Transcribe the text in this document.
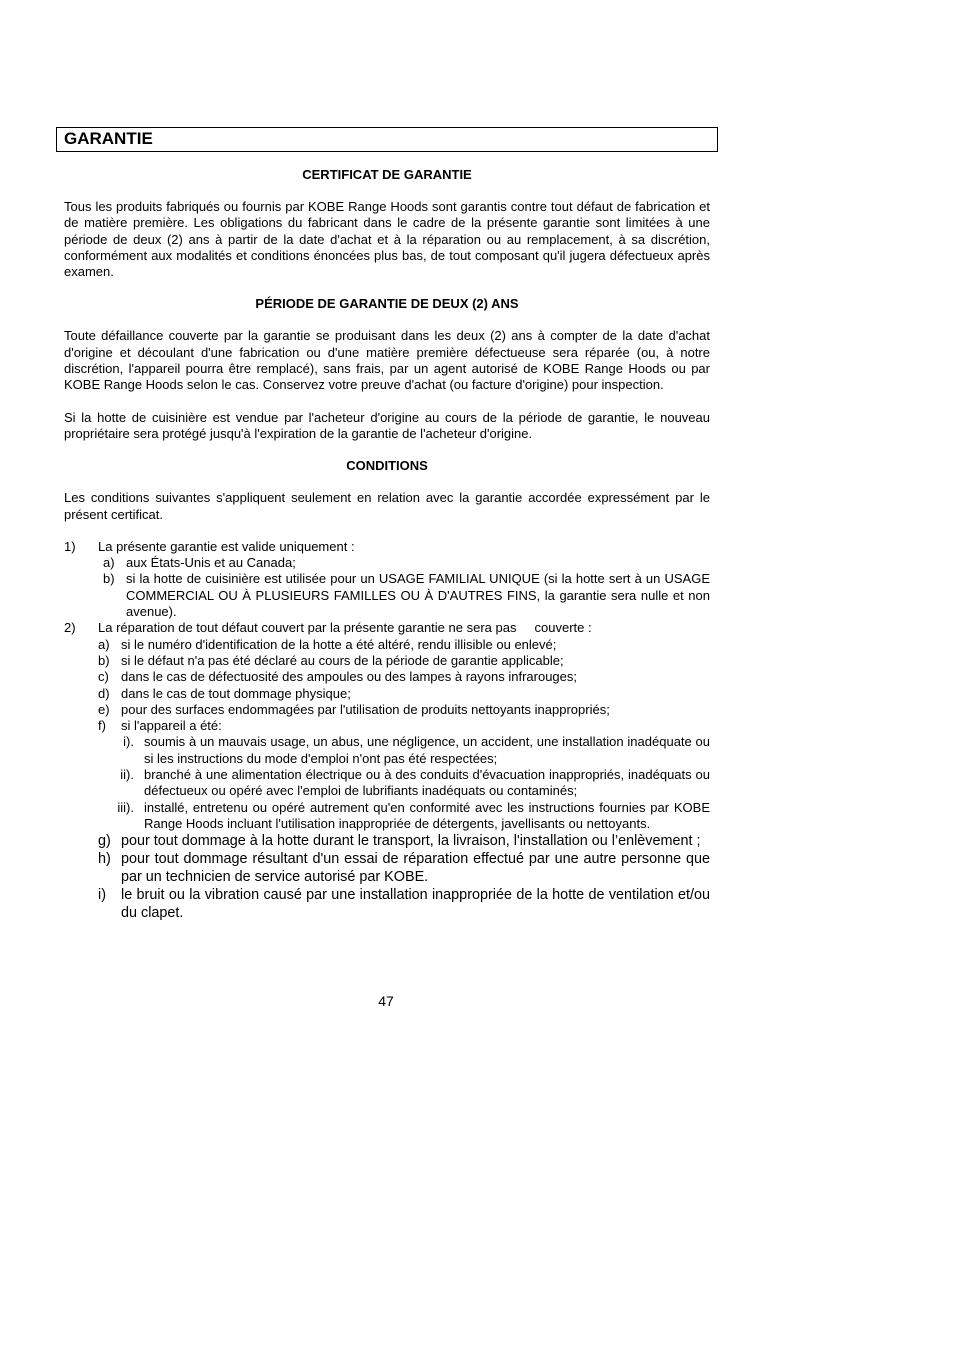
GARANTIE
CERTIFICAT DE GARANTIE

Tous les produits fabriqués ou fournis par KOBE Range Hoods sont garantis contre tout défaut de fabrication et de matière première. Les obligations du fabricant dans le cadre de la présente garantie sont limitées à une période de deux (2) ans à partir de la date d'achat et à la réparation ou au remplacement, à sa discrétion, conformément aux modalités et conditions énoncées plus bas, de tout composant qu'il jugera défectueux après examen.

PÉRIODE DE GARANTIE DE DEUX (2) ANS

Toute défaillance couverte par la garantie se produisant dans les deux (2) ans à compter de la date d'achat d'origine et découlant d'une fabrication ou d'une matière première défectueuse sera réparée (ou, à notre discrétion, l'appareil pourra être remplacé), sans frais, par un agent autorisé de KOBE Range Hoods ou par KOBE Range Hoods selon le cas. Conservez votre preuve d'achat (ou facture d'origine) pour inspection.

Si la hotte de cuisinière est vendue par l'acheteur d'origine au cours de la période de garantie, le nouveau propriétaire sera protégé jusqu'à l'expiration de la garantie de l'acheteur d'origine.

CONDITIONS

Les conditions suivantes s'appliquent seulement en relation avec la garantie accordée expressément par le présent certificat.

1) La présente garantie est valide uniquement :
a) aux États-Unis et au Canada;
b) si la hotte de cuisinière est utilisée pour un USAGE FAMILIAL UNIQUE (si la hotte sert à un USAGE COMMERCIAL OU À PLUSIEURS FAMILLES OU À D'AUTRES FINS, la garantie sera nulle et non avenue).
2) La réparation de tout défaut couvert par la présente garantie ne sera pas     couverte :
a) si le numéro d'identification de la hotte a été altéré, rendu illisible ou enlevé;
b) si le défaut n'a pas été déclaré au cours de la période de garantie applicable;
c) dans le cas de défectuosité des ampoules ou des lampes à rayons infrarouges;
d) dans le cas de tout dommage physique;
e) pour des surfaces endommagées par l'utilisation de produits nettoyants inappropriés;
f) si l'appareil a été:
i). soumis à un mauvais usage, un abus, une négligence, un accident, une installation inadéquate ou si les instructions du mode d'emploi n'ont pas été respectées;
ii). branché à une alimentation électrique ou à des conduits d'évacuation inappropriés, inadéquats ou défectueux ou opéré avec l'emploi de lubrifiants inadéquats ou contaminés;
iii). installé, entretenu ou opéré autrement qu'en conformité avec les instructions fournies par KOBE Range Hoods incluant l'utilisation inappropriée de détergents, javellisants ou nettoyants.
g) pour tout dommage à la hotte durant le transport, la livraison, l'installation ou l’enlèvement ;
h) pour tout dommage résultant d'un essai de réparation effectué par une autre personne que par un technicien de service autorisé par KOBE.
i) le bruit ou la vibration causé par une installation inappropriée de la hotte de ventilation et/ou du clapet.
47
